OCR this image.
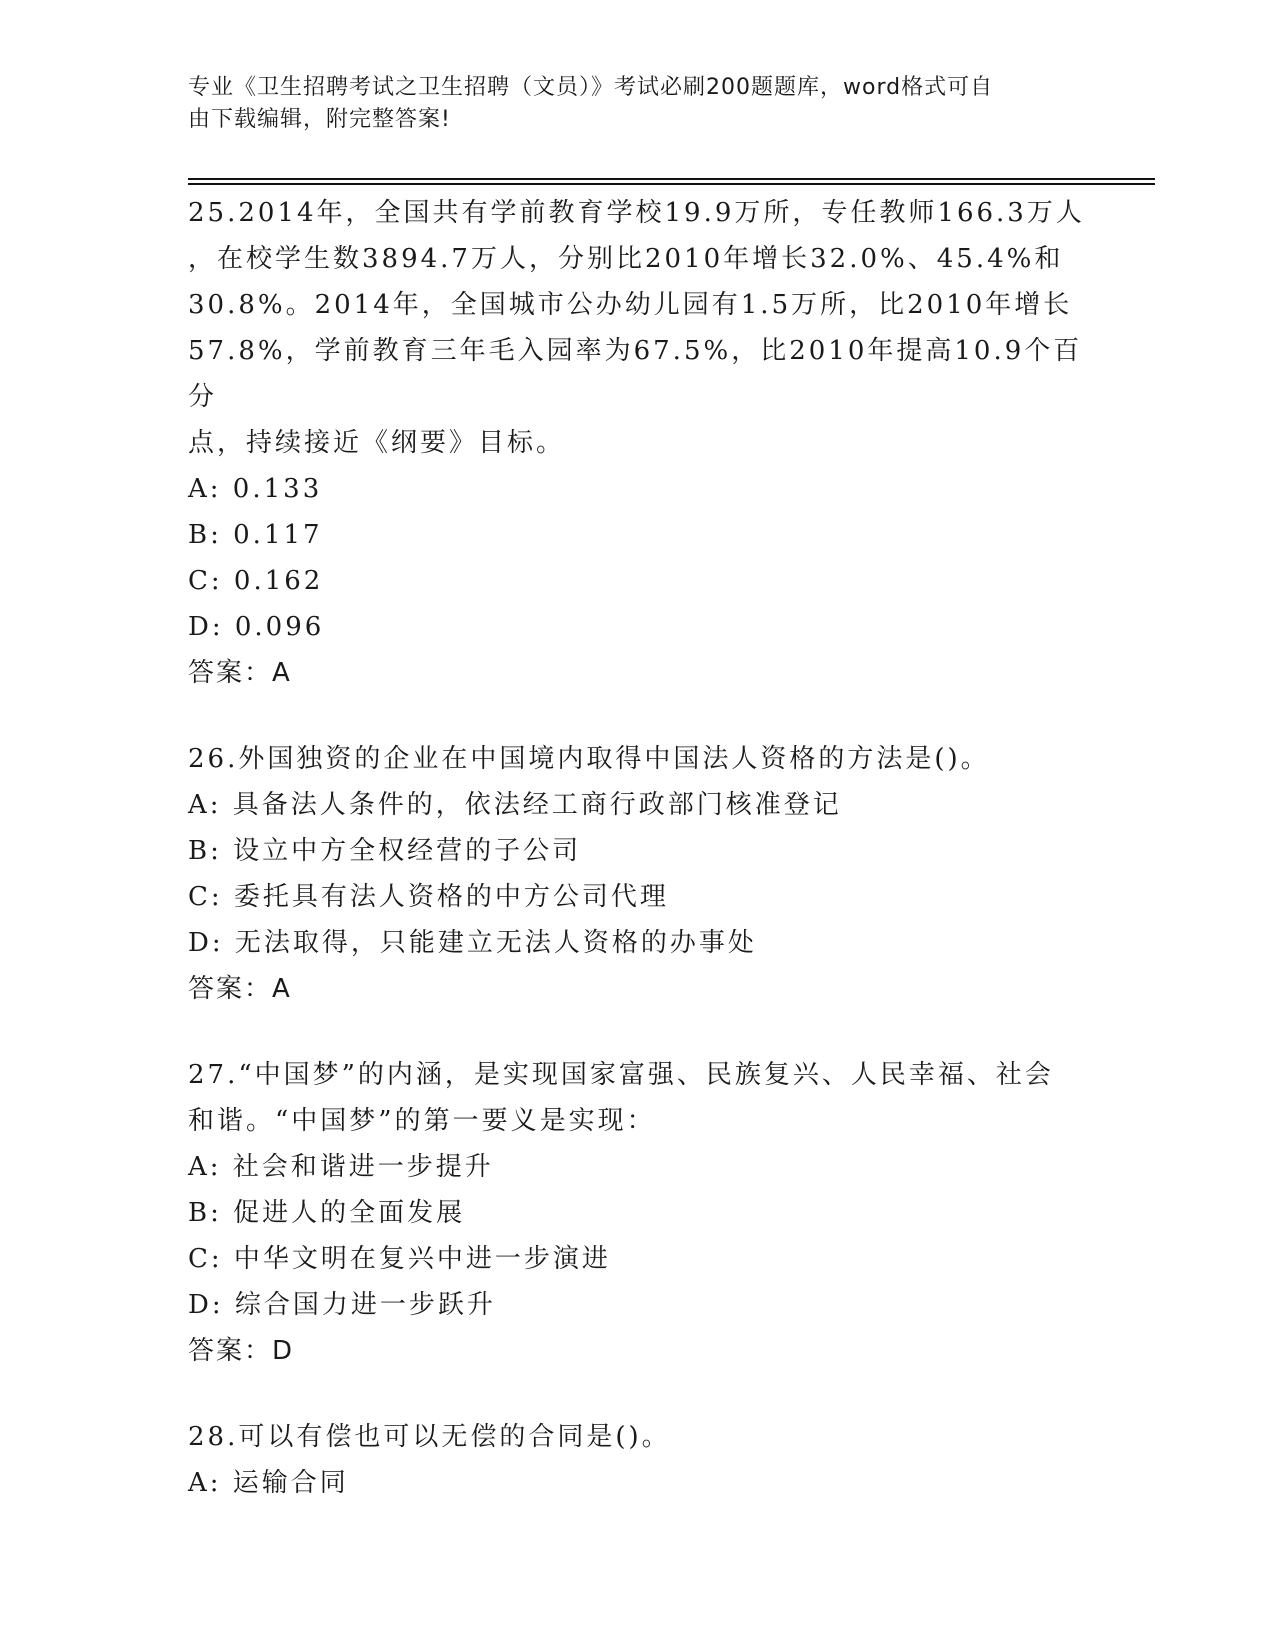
专业《卫生招聘考试之卫生招聘（文员）》考试必刷200题题库，word格式可自
由下载编辑，附完整答案!

25.2014年，全国共有学前教育学校19.9万所，专任教师166.3万人

，在校学生数3894.7万人，分别比2010年增长32.0%、45.4%和

30.8%。2014年，全国城市公办幼儿园有1.5万所，比2010年增长

57.8%，学前教育三年毛入园率为67.5%，比2010年提高10.9个百分

点，持续接近《纲要》目标。

A: 0.133

B: 0.117

C: 0.162

D: 0.096

答案：A

26.外国独资的企业在中国境内取得中国法人资格的方法是()。

A: 具备法人条件的，依法经工商行政部门核准登记

B: 设立中方全权经营的子公司

C: 委托具有法人资格的中方公司代理

D: 无法取得，只能建立无法人资格的办事处

答案：A

27.“中国梦”的内涵，是实现国家富强、民族复兴、人民幸福、社会

和谐。“中国梦”的第一要义是实现：

A: 社会和谐进一步提升

B: 促进人的全面发展

C: 中华文明在复兴中进一步演进

D: 综合国力进一步跃升

答案：D

28.可以有偿也可以无偿的合同是()。

A: 运输合同
